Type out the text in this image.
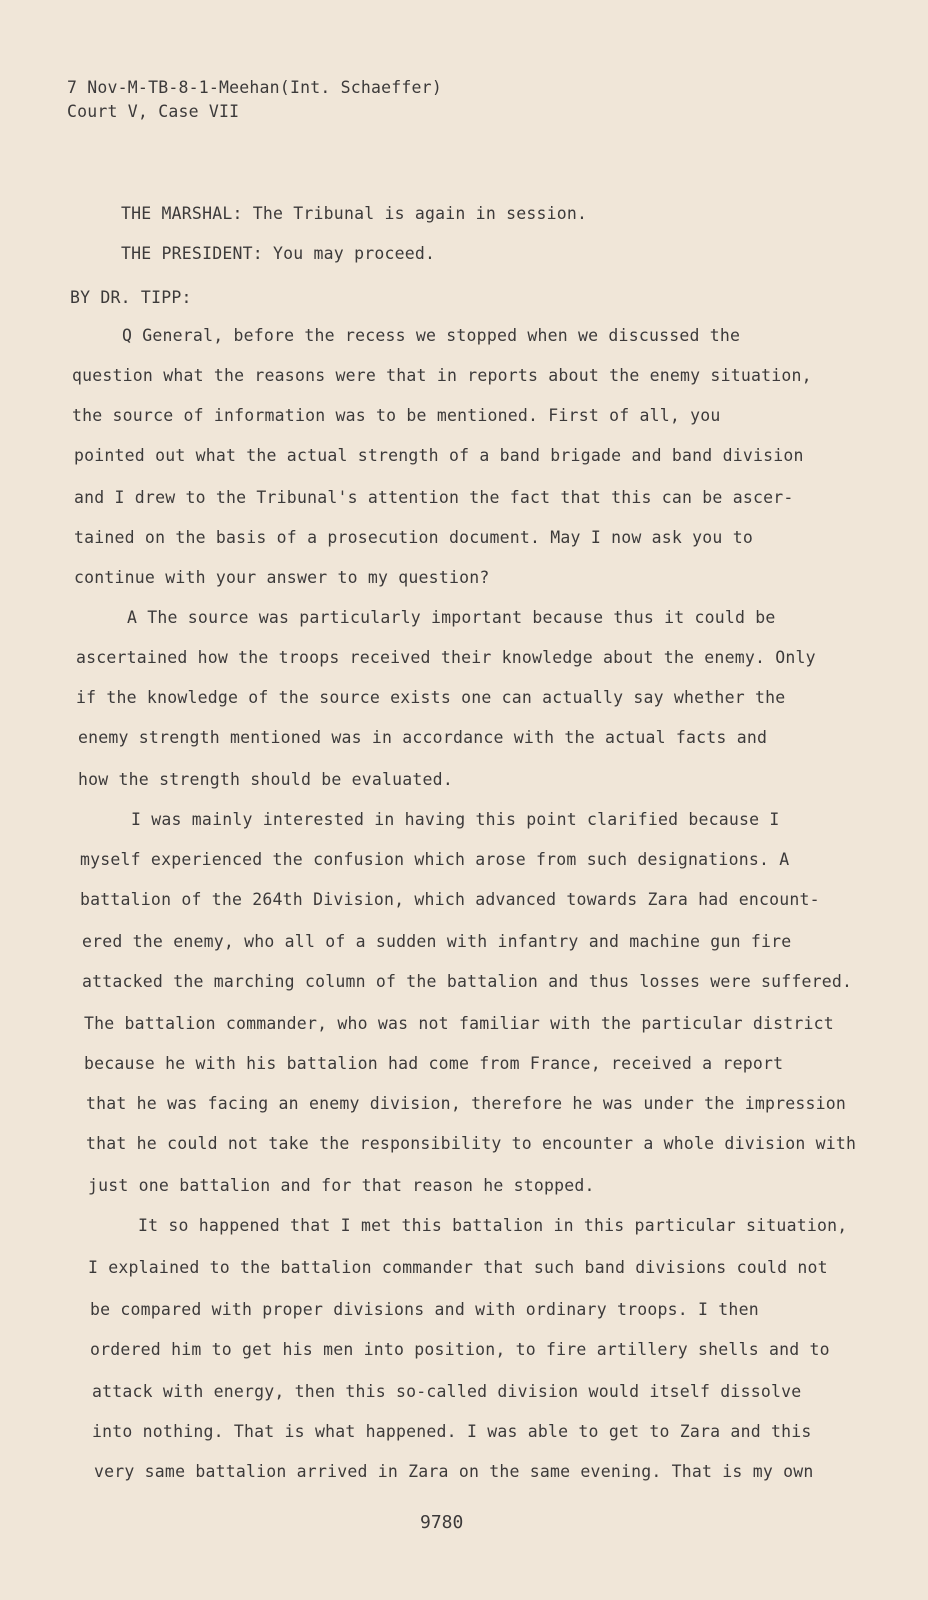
7 Nov-M-TB-8-1-Meehan(Int. Schaeffer)
Court V, Case VII
THE MARSHAL: The Tribunal is again in session.
THE PRESIDENT: You may proceed.
BY DR. TIPP:
Q General, before the recess we stopped when we discussed the
question what the reasons were that in reports about the enemy situation,
the source of information was to be mentioned. First of all, you
pointed out what the actual strength of a band brigade and band division
and I drew to the Tribunal's attention the fact that this can be ascer-
tained on the basis of a prosecution document. May I now ask you to
continue with your answer to my question?
A The source was particularly important because thus it could be
ascertained how the troops received their knowledge about the enemy. Only
if the knowledge of the source exists one can actually say whether the
enemy strength mentioned was in accordance with the actual facts and
how the strength should be evaluated.
I was mainly interested in having this point clarified because I
myself experienced the confusion which arose from such designations. A
battalion of the 264th Division, which advanced towards Zara had encount-
ered the enemy, who all of a sudden with infantry and machine gun fire
attacked the marching column of the battalion and thus losses were suffered.
The battalion commander, who was not familiar with the particular district
because he with his battalion had come from France, received a report
that he was facing an enemy division, therefore he was under the impression
that he could not take the responsibility to encounter a whole division with
just one battalion and for that reason he stopped.
It so happened that I met this battalion in this particular situation,
I explained to the battalion commander that such band divisions could not
be compared with proper divisions and with ordinary troops. I then
ordered him to get his men into position, to fire artillery shells and to
attack with energy, then this so-called division would itself dissolve
into nothing. That is what happened. I was able to get to Zara and this
very same battalion arrived in Zara on the same evening. That is my own
9780
